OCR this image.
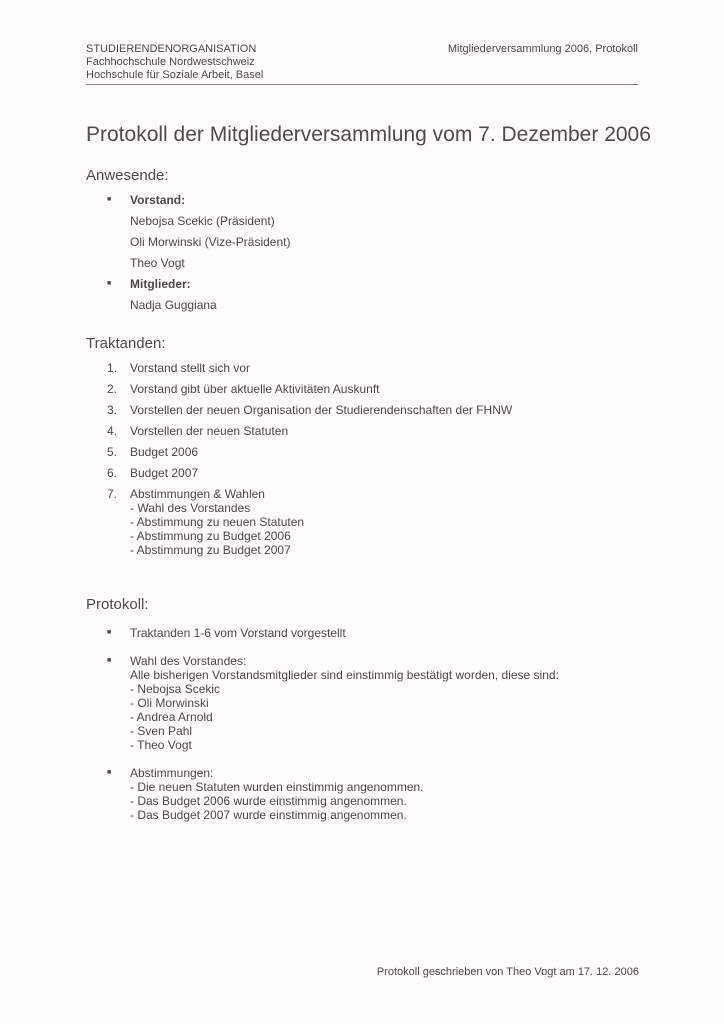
STUDIERENDENORGANISATION
Fachhochschule Nordwestschweiz
Hochschule für Soziale Arbeit, Basel
Mitgliederversammlung 2006, Protokoll
Protokoll der Mitgliederversammlung vom 7. Dezember 2006
Anwesende:
■	Vorstand:
Nebojsa Scekic (Präsident)
Oli Morwinski (Vize-Präsident)
Theo Vogt
■	Mitglieder:
Nadja Guggiana
Traktanden:
1.	Vorstand stellt sich vor
2.	Vorstand gibt über aktuelle Aktivitäten Auskunft
3.	Vorstellen der neuen Organisation der Studierendenschaften der FHNW
4.	Vorstellen der neuen Statuten
5.	Budget 2006
6.	Budget 2007
7.	Abstimmungen & Wahlen
- Wahl des Vorstandes
- Abstimmung zu neuen Statuten
- Abstimmung zu Budget 2006
- Abstimmung zu Budget 2007
Protokoll:
■	Traktanden 1-6 vom Vorstand vorgestellt
■	Wahl des Vorstandes:
Alle bisherigen Vorstandsmitglieder sind einstimmig bestätigt worden, diese sind:
- Nebojsa Scekic
- Oli Morwinski
- Andrea Arnold
- Sven Pahl
- Theo Vogt
■	Abstimmungen:
- Die neuen Statuten wurden einstimmig angenommen.
- Das Budget 2006 wurde einstimmig angenommen.
- Das Budget 2007 wurde einstimmig angenommen.
Protokoll geschrieben von Theo Vogt am 17. 12. 2006
